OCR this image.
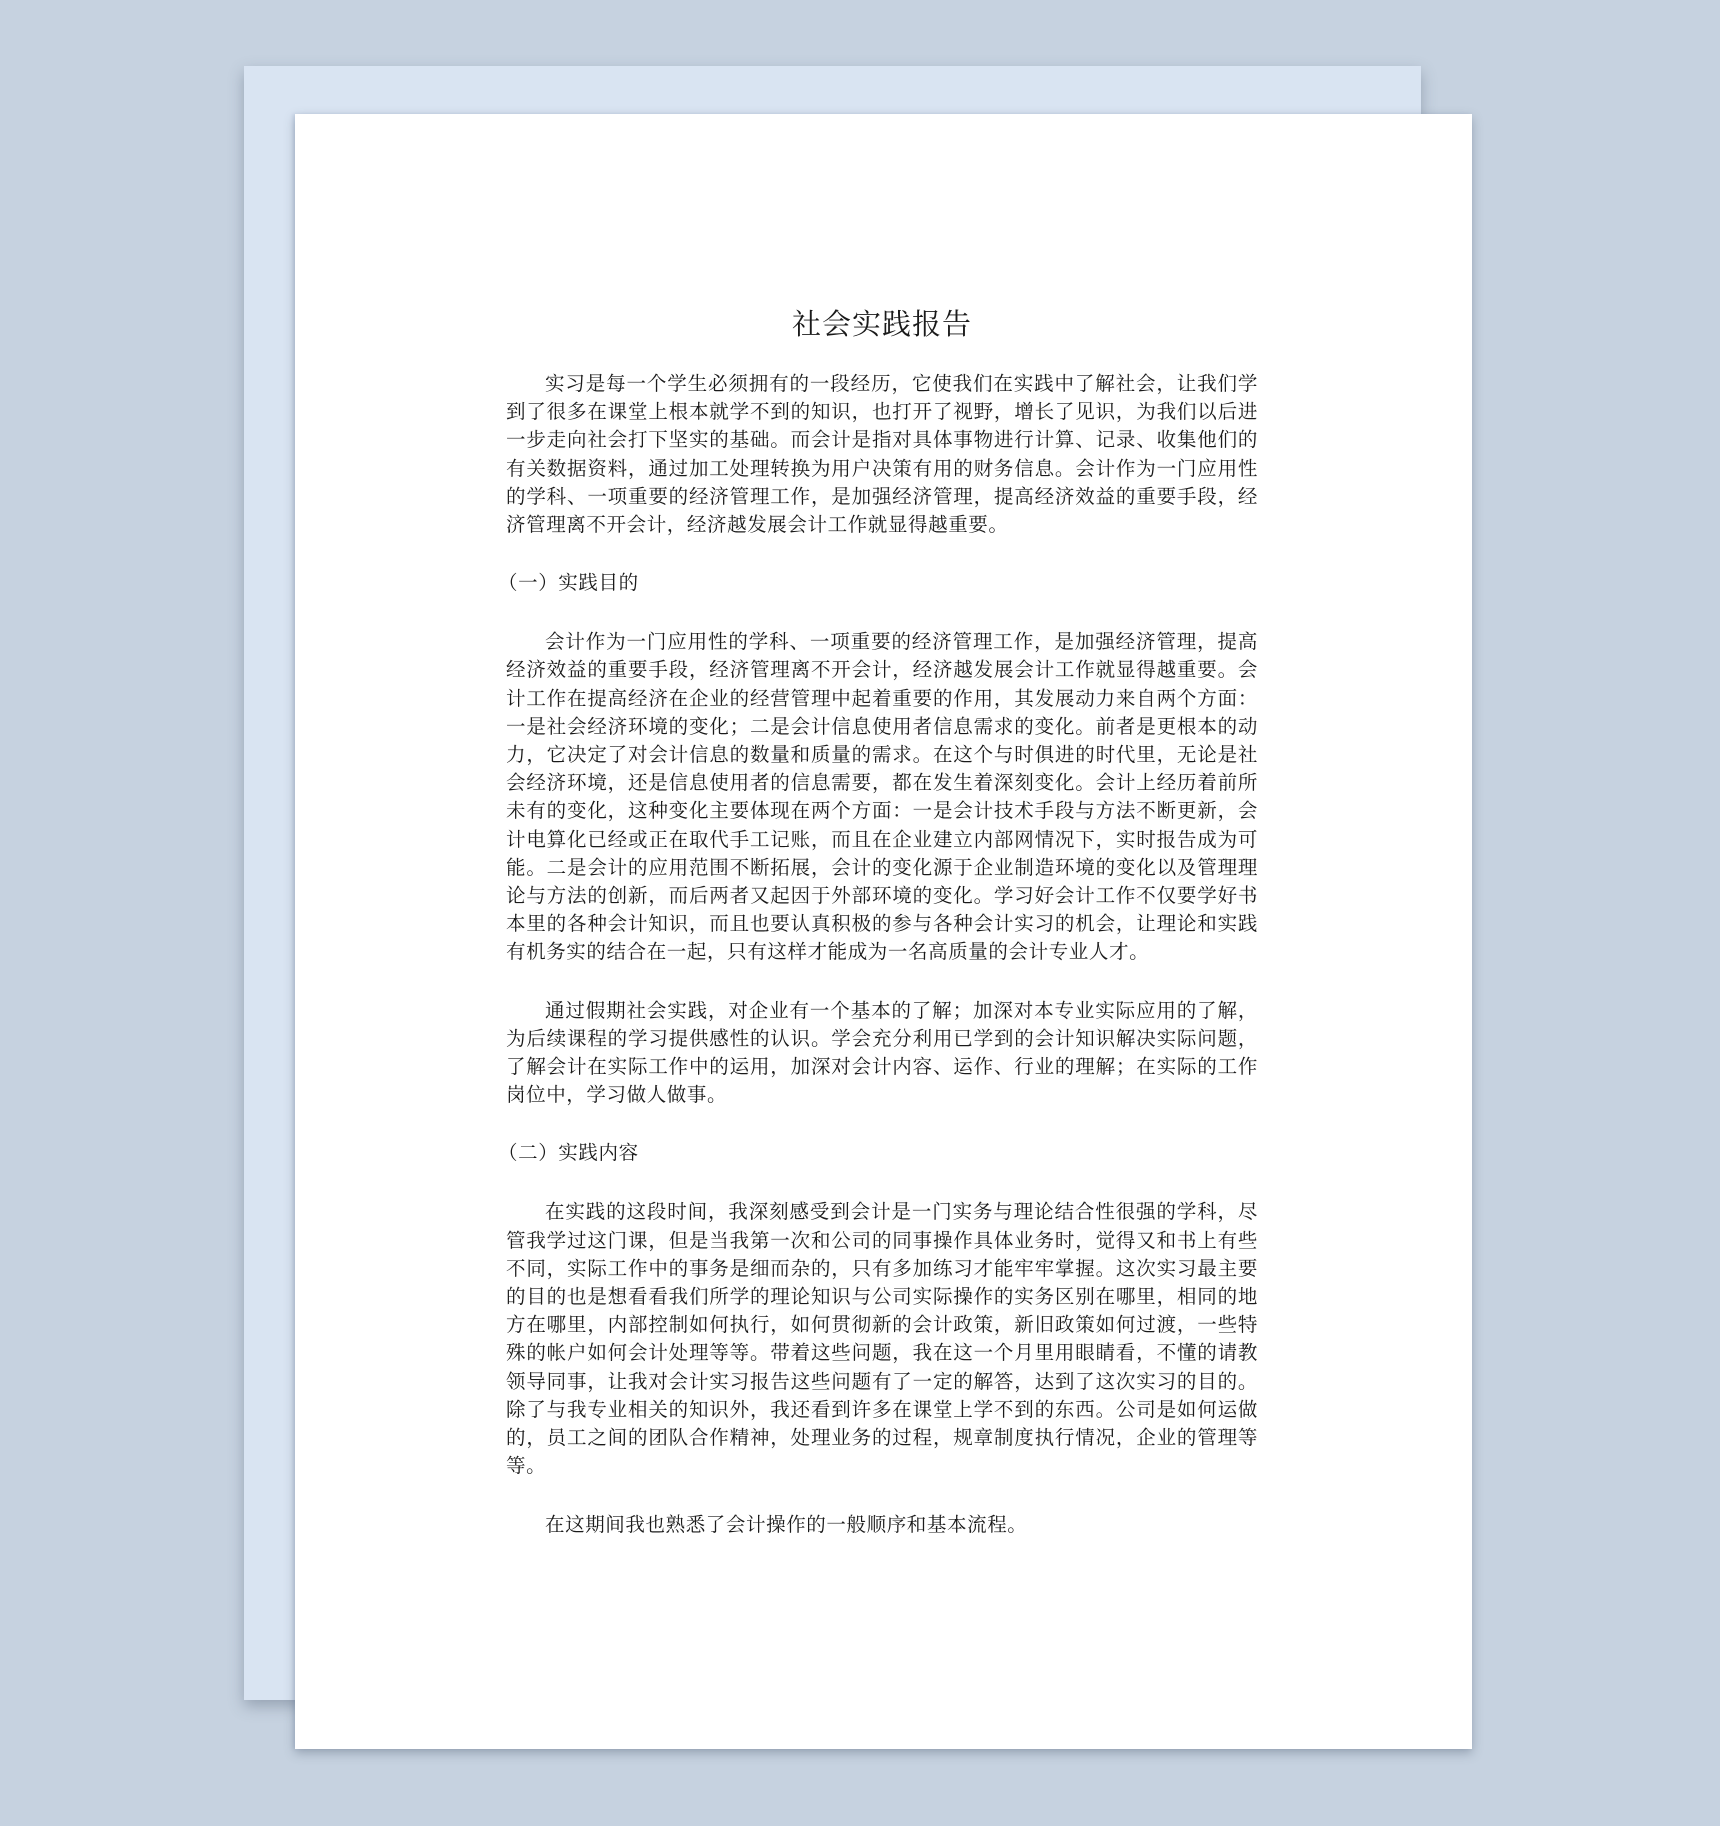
社会实践报告

实习是每一个学生必须拥有的一段经历，它使我们在实践中了解社会，让我们学到了很多在课堂上根本就学不到的知识，也打开了视野，增长了见识，为我们以后进一步走向社会打下坚实的基础。而会计是指对具体事物进行计算、记录、收集他们的有关数据资料，通过加工处理转换为用户决策有用的财务信息。会计作为一门应用性的学科、一项重要的经济管理工作，是加强经济管理，提高经济效益的重要手段，经济管理离不开会计，经济越发展会计工作就显得越重要。

（一）实践目的

会计作为一门应用性的学科、一项重要的经济管理工作，是加强经济管理，提高经济效益的重要手段，经济管理离不开会计，经济越发展会计工作就显得越重要。会计工作在提高经济在企业的经营管理中起着重要的作用，其发展动力来自两个方面：一是社会经济环境的变化；二是会计信息使用者信息需求的变化。前者是更根本的动力，它决定了对会计信息的数量和质量的需求。在这个与时俱进的时代里，无论是社会经济环境，还是信息使用者的信息需要，都在发生着深刻变化。会计上经历着前所未有的变化，这种变化主要体现在两个方面：一是会计技术手段与方法不断更新，会计电算化已经或正在取代手工记账，而且在企业建立内部网情况下，实时报告成为可能。二是会计的应用范围不断拓展，会计的变化源于企业制造环境的变化以及管理理论与方法的创新，而后两者又起因于外部环境的变化。学习好会计工作不仅要学好书本里的各种会计知识，而且也要认真积极的参与各种会计实习的机会，让理论和实践有机务实的结合在一起，只有这样才能成为一名高质量的会计专业人才。

通过假期社会实践，对企业有一个基本的了解；加深对本专业实际应用的了解，为后续课程的学习提供感性的认识。学会充分利用已学到的会计知识解决实际问题，了解会计在实际工作中的运用，加深对会计内容、运作、行业的理解；在实际的工作岗位中，学习做人做事。

（二）实践内容

在实践的这段时间，我深刻感受到会计是一门实务与理论结合性很强的学科，尽管我学过这门课，但是当我第一次和公司的同事操作具体业务时，觉得又和书上有些不同，实际工作中的事务是细而杂的，只有多加练习才能牢牢掌握。这次实习最主要的目的也是想看看我们所学的理论知识与公司实际操作的实务区别在哪里，相同的地方在哪里，内部控制如何执行，如何贯彻新的会计政策，新旧政策如何过渡，一些特殊的帐户如何会计处理等等。带着这些问题，我在这一个月里用眼睛看，不懂的请教领导同事，让我对会计实习报告这些问题有了一定的解答，达到了这次实习的目的。除了与我专业相关的知识外，我还看到许多在课堂上学不到的东西。公司是如何运做的，员工之间的团队合作精神，处理业务的过程，规章制度执行情况，企业的管理等等。

在这期间我也熟悉了会计操作的一般顺序和基本流程。
